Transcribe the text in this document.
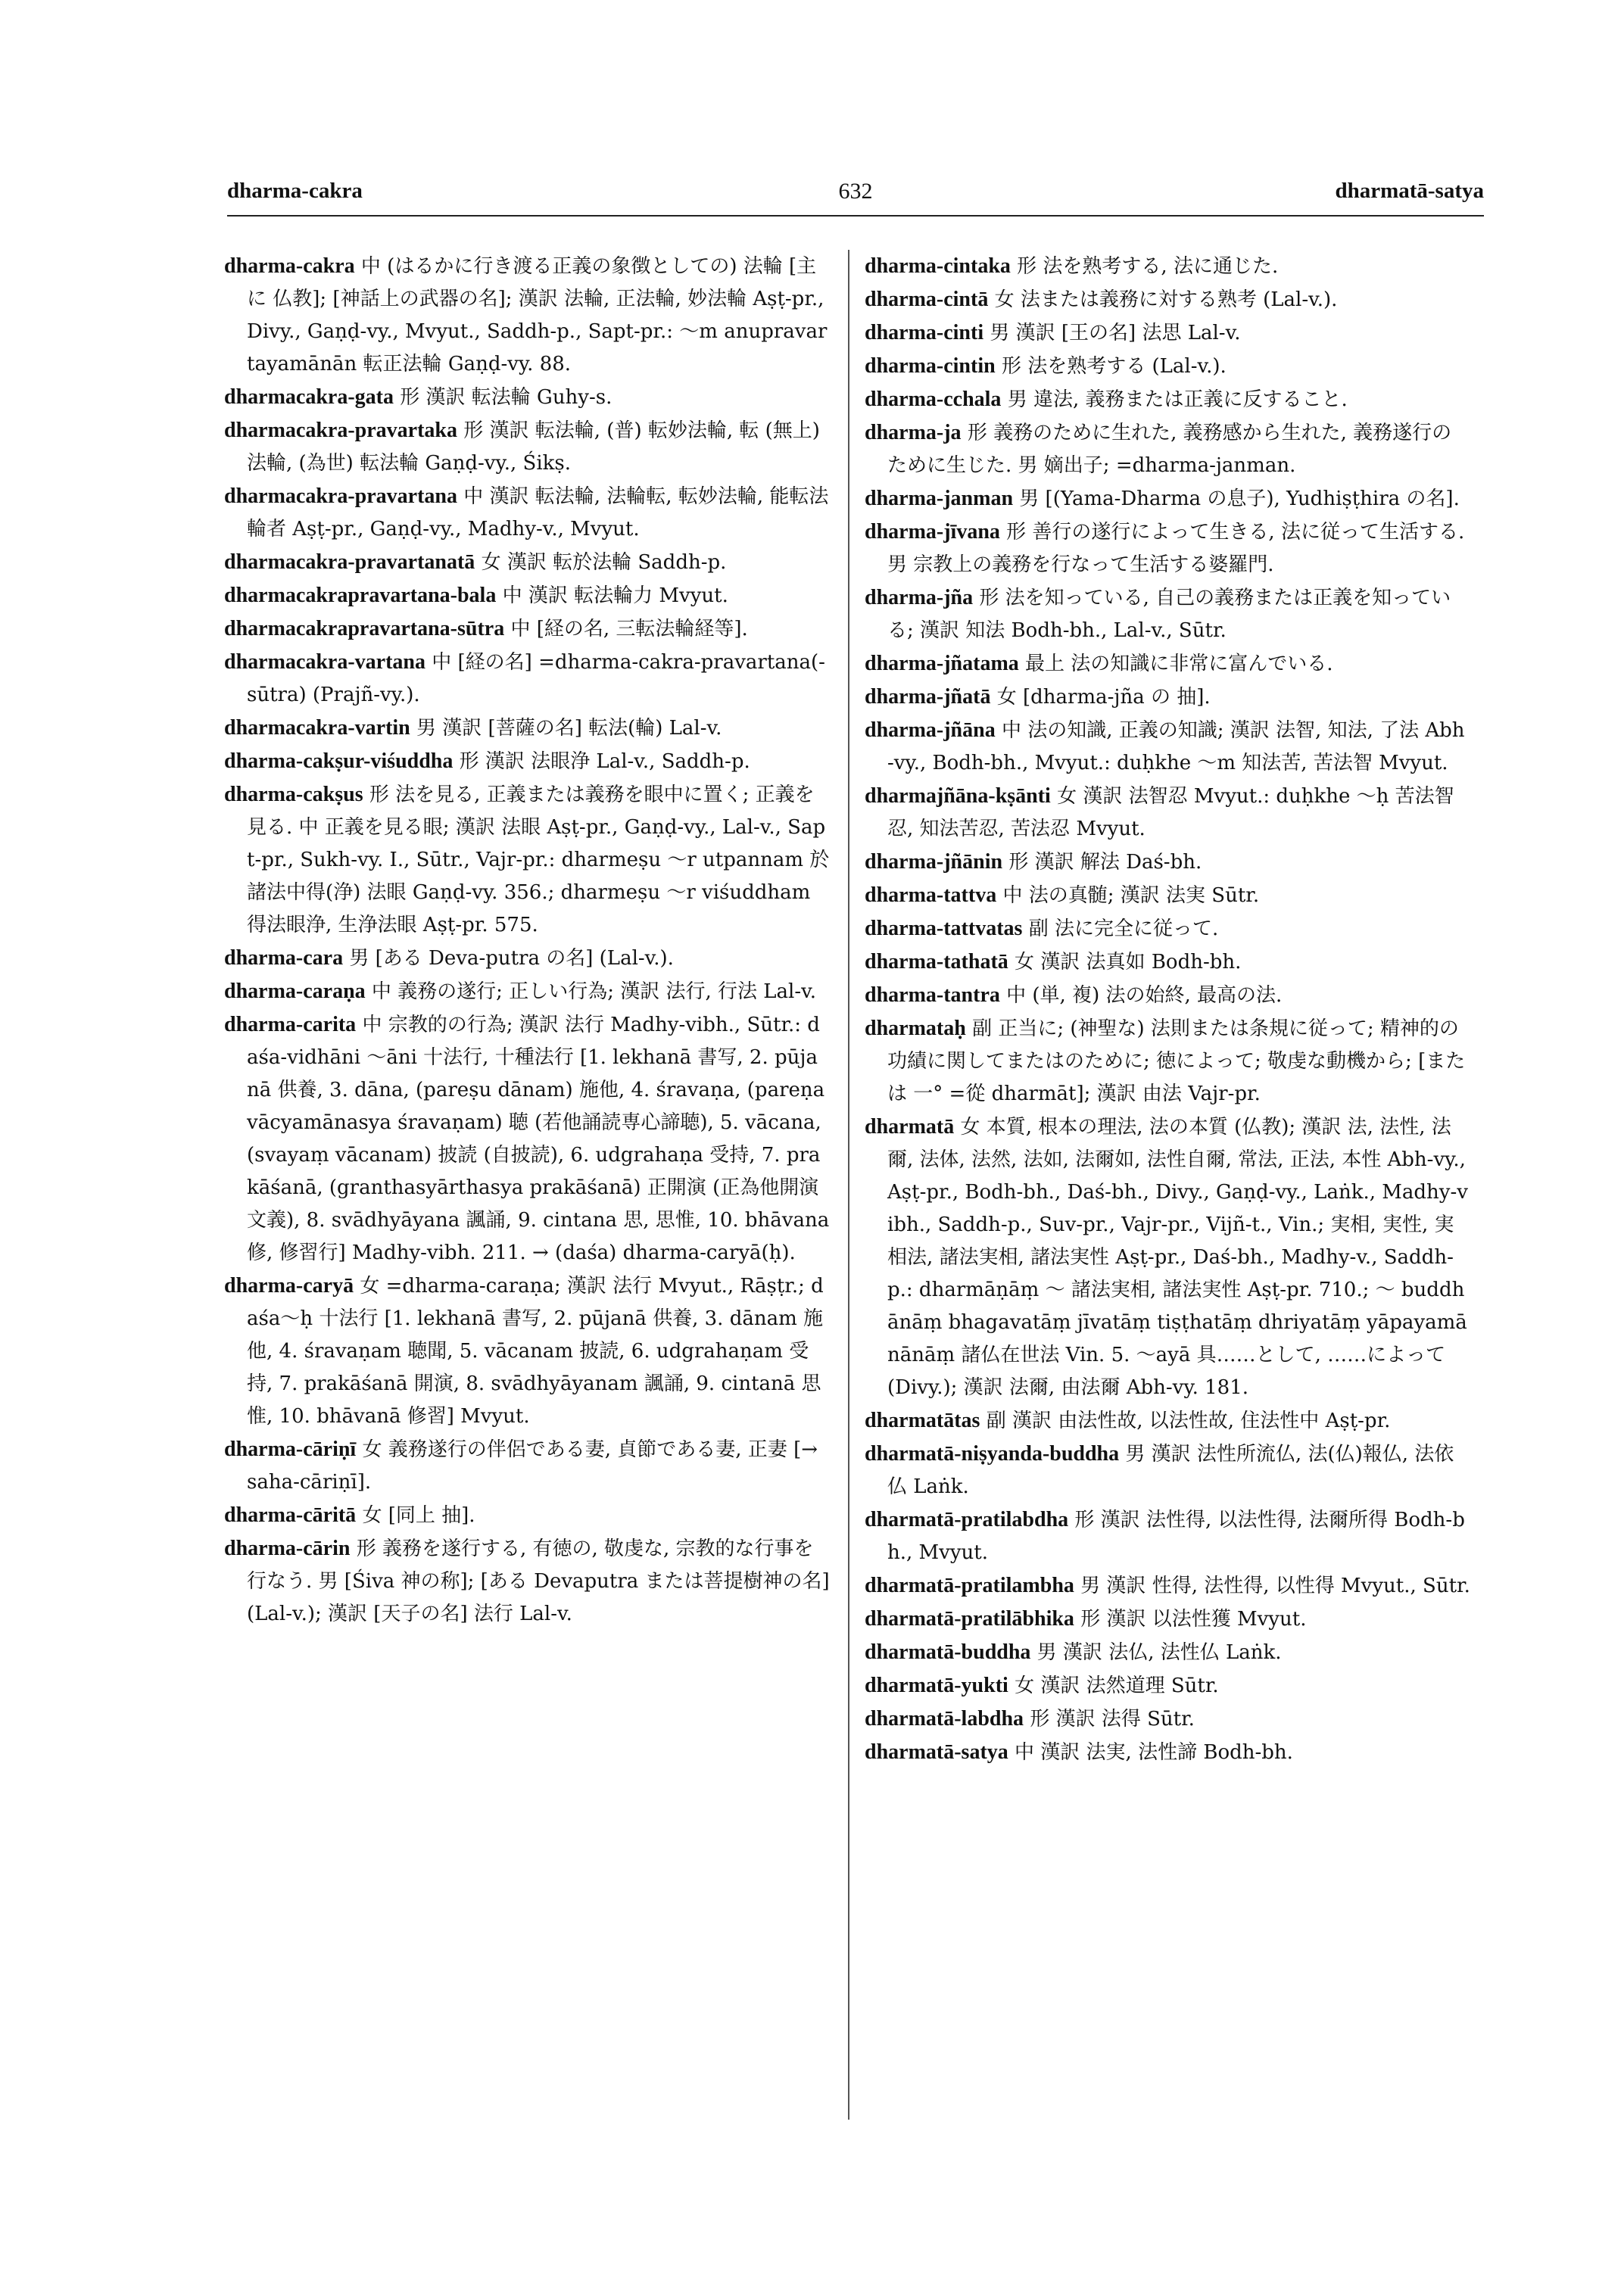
dharma-cakra	632	dharmatā-satya

dharma-cakra 中 (はるかに行き渡る正義の象徴としての) 法輪 [主に 仏教]; [神話上の武器の名]; 漢訳 法輪, 正法輪, 妙法輪 Aṣṭ-pr., Divy., Gaṇḍ-vy., Mvyut., Saddh-p., Sapt-pr.: ～m anupravartayamānān 転正法輪 Gaṇḍ-vy. 88.

dharmacakra-gata 形 漢訳 転法輪 Guhy-s.

dharmacakra-pravartaka 形 漢訳 転法輪, (普) 転妙法輪, 転 (無上) 法輪, (為世) 転法輪 Gaṇḍ-vy., Śikṣ.

dharmacakra-pravartana 中 漢訳 転法輪, 法輪転, 転妙法輪, 能転法輪者 Aṣṭ-pr., Gaṇḍ-vy., Madhy-v., Mvyut.

dharmacakra-pravartanatā 女 漢訳 転於法輪 Saddh-p.

dharmacakrapravartana-bala 中 漢訳 転法輪力 Mvyut.

dharmacakrapravartana-sūtra 中 [経の名, 三転法輪経等].

dharmacakra-vartana 中 [経の名] =dharma-cakra-pravartana(-sūtra) (Prajñ-vy.).

dharmacakra-vartin 男 漢訳 [菩薩の名] 転法(輪) Lal-v.

dharma-cakṣur-viśuddha 形 漢訳 法眼浄 Lal-v., Saddh-p.

dharma-cakṣus 形 法を見る, 正義または義務を眼中に置く; 正義を見る. 中 正義を見る眼; 漢訳 法眼 Aṣṭ-pr., Gaṇḍ-vy., Lal-v., Sapt-pr., Sukh-vy. I., Sūtr., Vajr-pr.: dharmeṣu ～r utpannam 於諸法中得(浄) 法眼 Gaṇḍ-vy. 356.; dharmeṣu ～r viśuddham 得法眼浄, 生浄法眼 Aṣṭ-pr. 575.

dharma-cara 男 [ある Deva-putra の名] (Lal-v.).

dharma-caraṇa 中 義務の遂行; 正しい行為; 漢訳 法行, 行法 Lal-v.

dharma-carita 中 宗教的の行為; 漢訳 法行 Madhy-vibh., Sūtr.: daśa-vidhāni ～āni 十法行, 十種法行 [1. lekhanā 書写, 2. pūjanā 供養, 3. dāna, (pareṣu dānam) 施他, 4. śravaṇa, (pareṇa vācyamānasya śravaṇam) 聴 (若他誦読専心諦聴), 5. vācana, (svayaṃ vācanam) 披読 (自披読), 6. udgrahaṇa 受持, 7. prakāśanā, (granthasyārthasya prakāśanā) 正開演 (正為他開演文義), 8. svādhyāyana 諷誦, 9. cintana 思, 思惟, 10. bhāvana 修, 修習行] Madhy-vibh. 211. → (daśa) dharma-caryā(ḥ).

dharma-caryā 女 =dharma-caraṇa; 漢訳 法行 Mvyut., Rāṣṭr.; daśa～ḥ 十法行 [1. lekhanā 書写, 2. pūjanā 供養, 3. dānam 施他, 4. śravaṇam 聴聞, 5. vācanam 披読, 6. udgrahaṇam 受持, 7. prakāśanā 開演, 8. svādhyāyanam 諷誦, 9. cintanā 思惟, 10. bhāvanā 修習] Mvyut.

dharma-cāriṇī 女 義務遂行の伴侶である妻, 貞節である妻, 正妻 [→ saha-cāriṇī].

dharma-cāritā 女 [同上 抽].

dharma-cārin 形 義務を遂行する, 有徳の, 敬虔な, 宗教的な行事を行なう. 男 [Śiva 神の称]; [ある Devaputra または菩提樹神の名] (Lal-v.); 漢訳 [天子の名] 法行 Lal-v.

dharma-cintaka 形 法を熟考する, 法に通じた.

dharma-cintā 女 法または義務に対する熟考 (Lal-v.).

dharma-cinti 男 漢訳 [王の名] 法思 Lal-v.

dharma-cintin 形 法を熟考する (Lal-v.).

dharma-cchala 男 違法, 義務または正義に反すること.

dharma-ja 形 義務のために生れた, 義務感から生れた, 義務遂行のために生じた. 男 嫡出子; =dharma-janman.

dharma-janman 男 [(Yama-Dharma の息子), Yudhiṣṭhira の名].

dharma-jīvana 形 善行の遂行によって生きる, 法に従って生活する. 男 宗教上の義務を行なって生活する婆羅門.

dharma-jña 形 法を知っている, 自己の義務または正義を知っている; 漢訳 知法 Bodh-bh., Lal-v., Sūtr.

dharma-jñatama 最上 法の知識に非常に富んでいる.

dharma-jñatā 女 [dharma-jña の 抽].

dharma-jñāna 中 法の知識, 正義の知識; 漢訳 法智, 知法, 了法 Abh-vy., Bodh-bh., Mvyut.: duḥkhe ～m 知法苦, 苦法智 Mvyut.

dharmajñāna-kṣānti 女 漢訳 法智忍 Mvyut.: duḥkhe ～ḥ 苦法智忍, 知法苦忍, 苦法忍 Mvyut.

dharma-jñānin 形 漢訳 解法 Daś-bh.

dharma-tattva 中 法の真髄; 漢訳 法実 Sūtr.

dharma-tattvatas 副 法に完全に従って.

dharma-tathatā 女 漢訳 法真如 Bodh-bh.

dharma-tantra 中 (単, 複) 法の始終, 最高の法.

dharmataḥ 副 正当に; (神聖な) 法則または条規に従って; 精神的の功績に関してまたはのために; 徳によって; 敬虔な動機から; [または 一° =從 dharmāt]; 漢訳 由法 Vajr-pr.

dharmatā 女 本質, 根本の理法, 法の本質 (仏教); 漢訳 法, 法性, 法爾, 法体, 法然, 法如, 法爾如, 法性自爾, 常法, 正法, 本性 Abh-vy., Aṣṭ-pr., Bodh-bh., Daś-bh., Divy., Gaṇḍ-vy., Laṅk., Madhy-vibh., Saddh-p., Suv-pr., Vajr-pr., Vijñ-t., Vin.; 実相, 実性, 実相法, 諸法実相, 諸法実性 Aṣṭ-pr., Daś-bh., Madhy-v., Saddh-p.: dharmāṇāṃ ～ 諸法実相, 諸法実性 Aṣṭ-pr. 710.; ～ buddhānāṃ bhagavatāṃ jīvatāṃ tiṣṭhatāṃ dhriyatāṃ yāpayamānānāṃ 諸仏在世法 Vin. 5. ～ayā 具……として, ……によって (Divy.); 漢訳 法爾, 由法爾 Abh-vy. 181.

dharmatātas 副 漢訳 由法性故, 以法性故, 住法性中 Aṣṭ-pr.

dharmatā-niṣyanda-buddha 男 漢訳 法性所流仏, 法(仏)報仏, 法依仏 Laṅk.

dharmatā-pratilabdha 形 漢訳 法性得, 以法性得, 法爾所得 Bodh-bh., Mvyut.

dharmatā-pratilambha 男 漢訳 性得, 法性得, 以性得 Mvyut., Sūtr.

dharmatā-pratilābhika 形 漢訳 以法性獲 Mvyut.

dharmatā-buddha 男 漢訳 法仏, 法性仏 Laṅk.

dharmatā-yukti 女 漢訳 法然道理 Sūtr.

dharmatā-labdha 形 漢訳 法得 Sūtr.

dharmatā-satya 中 漢訳 法実, 法性諦 Bodh-bh.
